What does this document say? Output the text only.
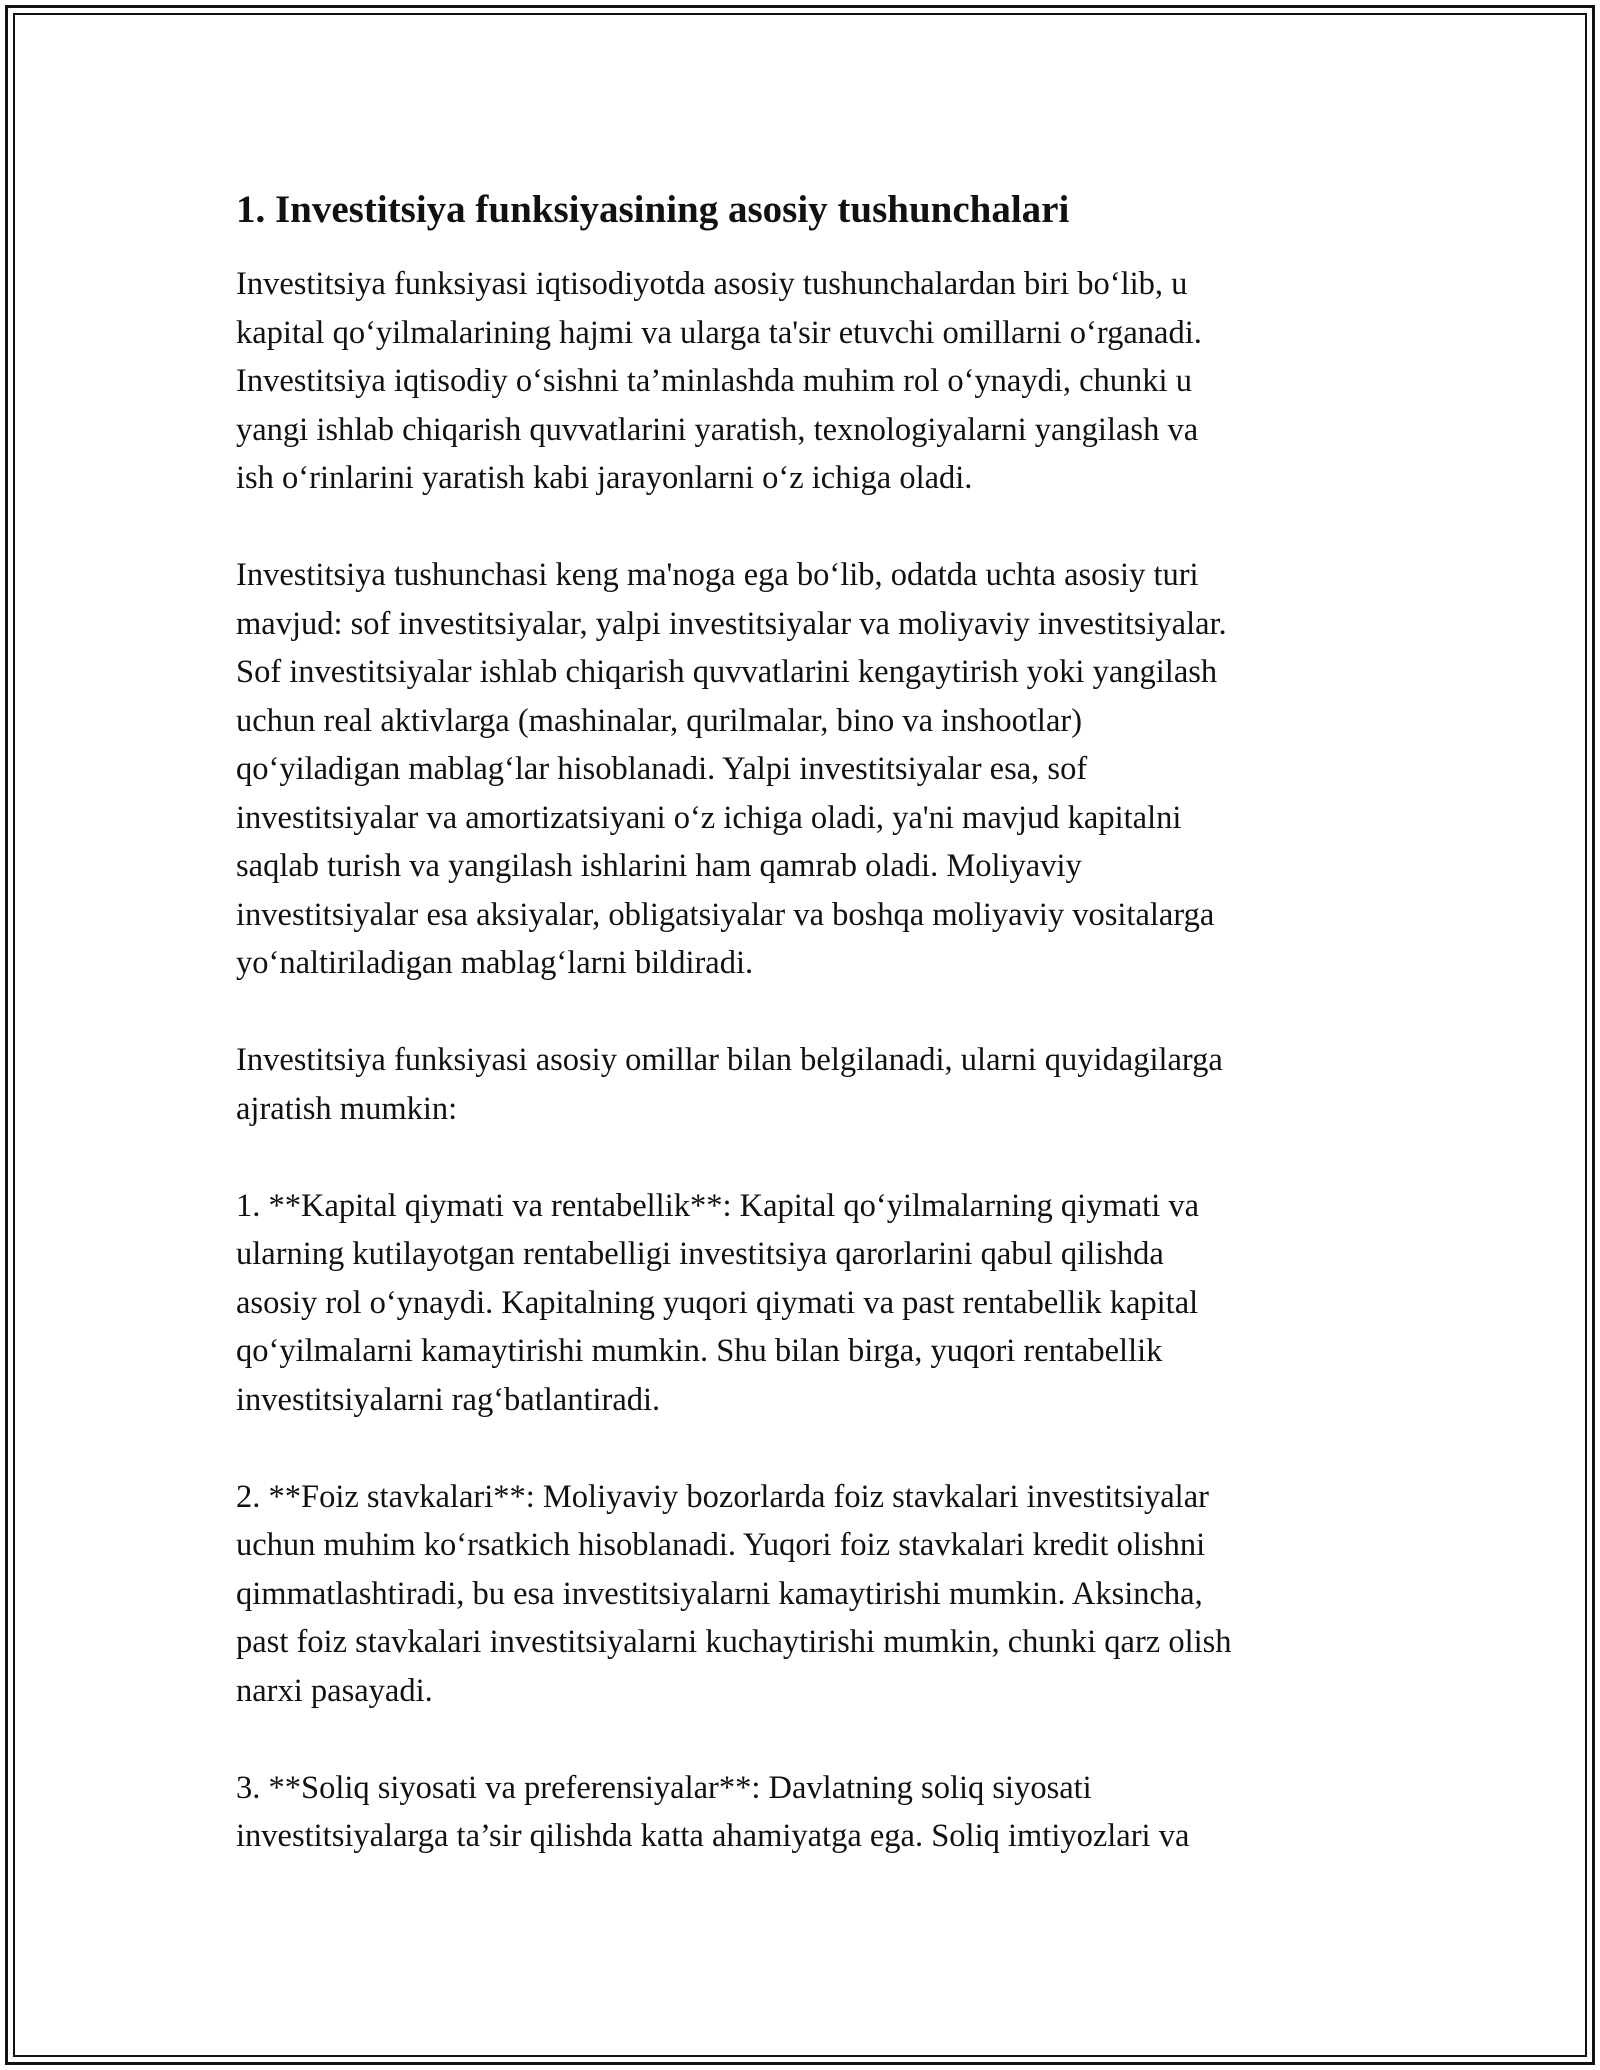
1. Investitsiya funksiyasining asosiy tushunchalari

Investitsiya funksiyasi iqtisodiyotda asosiy tushunchalardan biri bo‘lib, u
kapital qo‘yilmalarining hajmi va ularga ta'sir etuvchi omillarni o‘rganadi.
Investitsiya iqtisodiy o‘sishni ta’minlashda muhim rol o‘ynaydi, chunki u
yangi ishlab chiqarish quvvatlarini yaratish, texnologiyalarni yangilash va
ish o‘rinlarini yaratish kabi jarayonlarni o‘z ichiga oladi.

Investitsiya tushunchasi keng ma'noga ega bo‘lib, odatda uchta asosiy turi
mavjud: sof investitsiyalar, yalpi investitsiyalar va moliyaviy investitsiyalar.
Sof investitsiyalar ishlab chiqarish quvvatlarini kengaytirish yoki yangilash
uchun real aktivlarga (mashinalar, qurilmalar, bino va inshootlar)
qo‘yiladigan mablag‘lar hisoblanadi. Yalpi investitsiyalar esa, sof
investitsiyalar va amortizatsiyani o‘z ichiga oladi, ya'ni mavjud kapitalni
saqlab turish va yangilash ishlarini ham qamrab oladi. Moliyaviy
investitsiyalar esa aksiyalar, obligatsiyalar va boshqa moliyaviy vositalarga
yo‘naltiriladigan mablag‘larni bildiradi.

Investitsiya funksiyasi asosiy omillar bilan belgilanadi, ularni quyidagilarga
ajratish mumkin:

1. **Kapital qiymati va rentabellik**: Kapital qo‘yilmalarning qiymati va
ularning kutilayotgan rentabelligi investitsiya qarorlarini qabul qilishda
asosiy rol o‘ynaydi. Kapitalning yuqori qiymati va past rentabellik kapital
qo‘yilmalarni kamaytirishi mumkin. Shu bilan birga, yuqori rentabellik
investitsiyalarni rag‘batlantiradi.

2. **Foiz stavkalari**: Moliyaviy bozorlarda foiz stavkalari investitsiyalar
uchun muhim ko‘rsatkich hisoblanadi. Yuqori foiz stavkalari kredit olishni
qimmatlashtiradi, bu esa investitsiyalarni kamaytirishi mumkin. Aksincha,
past foiz stavkalari investitsiyalarni kuchaytirishi mumkin, chunki qarz olish
narxi pasayadi.

3. **Soliq siyosati va preferensiyalar**: Davlatning soliq siyosati
investitsiyalarga ta’sir qilishda katta ahamiyatga ega. Soliq imtiyozlari va
